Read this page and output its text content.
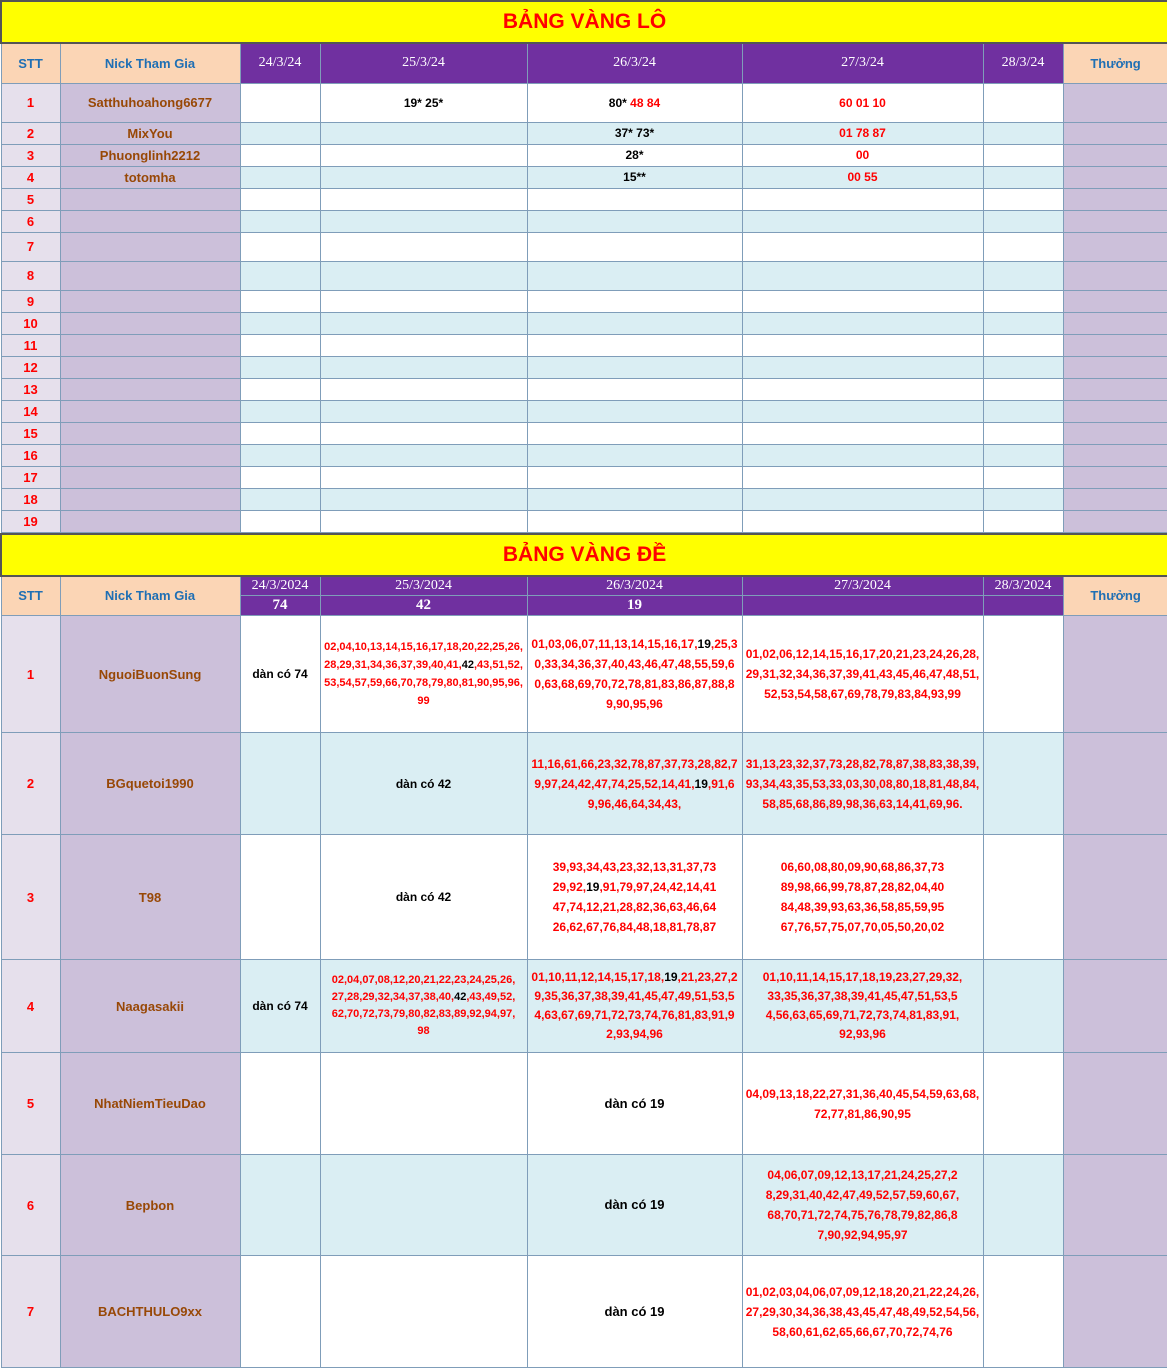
BẢNG VÀNG LÔ							
STT	Nick Tham Gia	24/3/24	25/3/24	26/3/24	27/3/24	28/3/24	Thưởng
1	Satthuhoahong6677		19* 25*	80* 48 84	60 01 10		
2	MixYou			37* 73*	01 78 87		
3	Phuonglinh2212			28*	00		
4	totomha			15**	00 55		
5							
6							
7							
8							
9							
10							
11							
12							
13							
14							
15							
16							
17							
18							
19							
BẢNG VÀNG ĐỀ							
STT	Nick Tham Gia	24/3/2024	25/3/2024	26/3/2024	27/3/2024	28/3/2024	Thưởng
		74	42	19			
1	NguoiBuonSung	dàn có 74	02,04,10,13,14,15,16,17,18,20,22,25,26,28,29,31,34,36,37,39,40,41,42,43,51,52,53,54,57,59,66,70,78,79,80,81,90,95,96,99	01,03,06,07,11,13,14,15,16,17,19,25,30,33,34,36,37,40,43,46,47,48,55,59,60,63,68,69,70,72,78,81,83,86,87,88,89,90,95,96	01,02,06,12,14,15,16,17,20,21,23,24,26,28,29,31,32,34,36,37,39,41,43,45,46,47,48,51,52,53,54,58,67,69,78,79,83,84,93,99		
2	BGquetoi1990		dàn có 42	11,16,61,66,23,32,78,87,37,73,28,82,79,97,24,42,47,74,25,52,14,41,19,91,69,96,46,64,34,43,	31,13,23,32,37,73,28,82,78,87,38,83,38,39,93,34,43,35,53,33,03,30,08,80,18,81,48,84,58,85,68,86,89,98,36,63,14,41,69,96.		
3	T98		dàn có 42	39,93,34,43,23,32,13,31,37,73 29,92,19,91,79,97,24,42,14,41 47,74,12,21,28,82,36,63,46,64 26,62,67,76,84,48,18,81,78,87	06,60,08,80,09,90,68,86,37,73 89,98,66,99,78,87,28,82,04,40 84,48,39,93,63,36,58,85,59,95 67,76,57,75,07,70,05,50,20,02		
4	Naagasakii	dàn có 74	02,04,07,08,12,20,21,22,23,24,25,26,27,28,29,32,34,37,38,40,42,43,49,52,62,70,72,73,79,80,82,83,89,92,94,97,98	01,10,11,12,14,15,17,18,19,21,23,27,29,35,36,37,38,39,41,45,47,49,51,53,54,63,67,69,71,72,73,74,76,81,83,91,92,93,94,96	01,10,11,14,15,17,18,19,23,27,29,32,33,35,36,37,38,39,41,45,47,51,53,54,56,63,65,69,71,72,73,74,81,83,91,92,93,96		
5	NhatNiemTieuDao			dàn có 19	04,09,13,18,22,27,31,36,40,45,54,59,63,68,72,77,81,86,90,95		
6	Bepbon			dàn có 19	04,06,07,09,12,13,17,21,24,25,27,28,29,31,40,42,47,49,52,57,59,60,67,68,70,71,72,74,75,76,78,79,82,86,87,90,92,94,95,97		
7	BACHTHULO9xx			dàn có 19	01,02,03,04,06,07,09,12,18,20,21,22,24,26,27,29,30,34,36,38,43,45,47,48,49,52,54,56,58,60,61,62,65,66,67,70,72,74,76		
